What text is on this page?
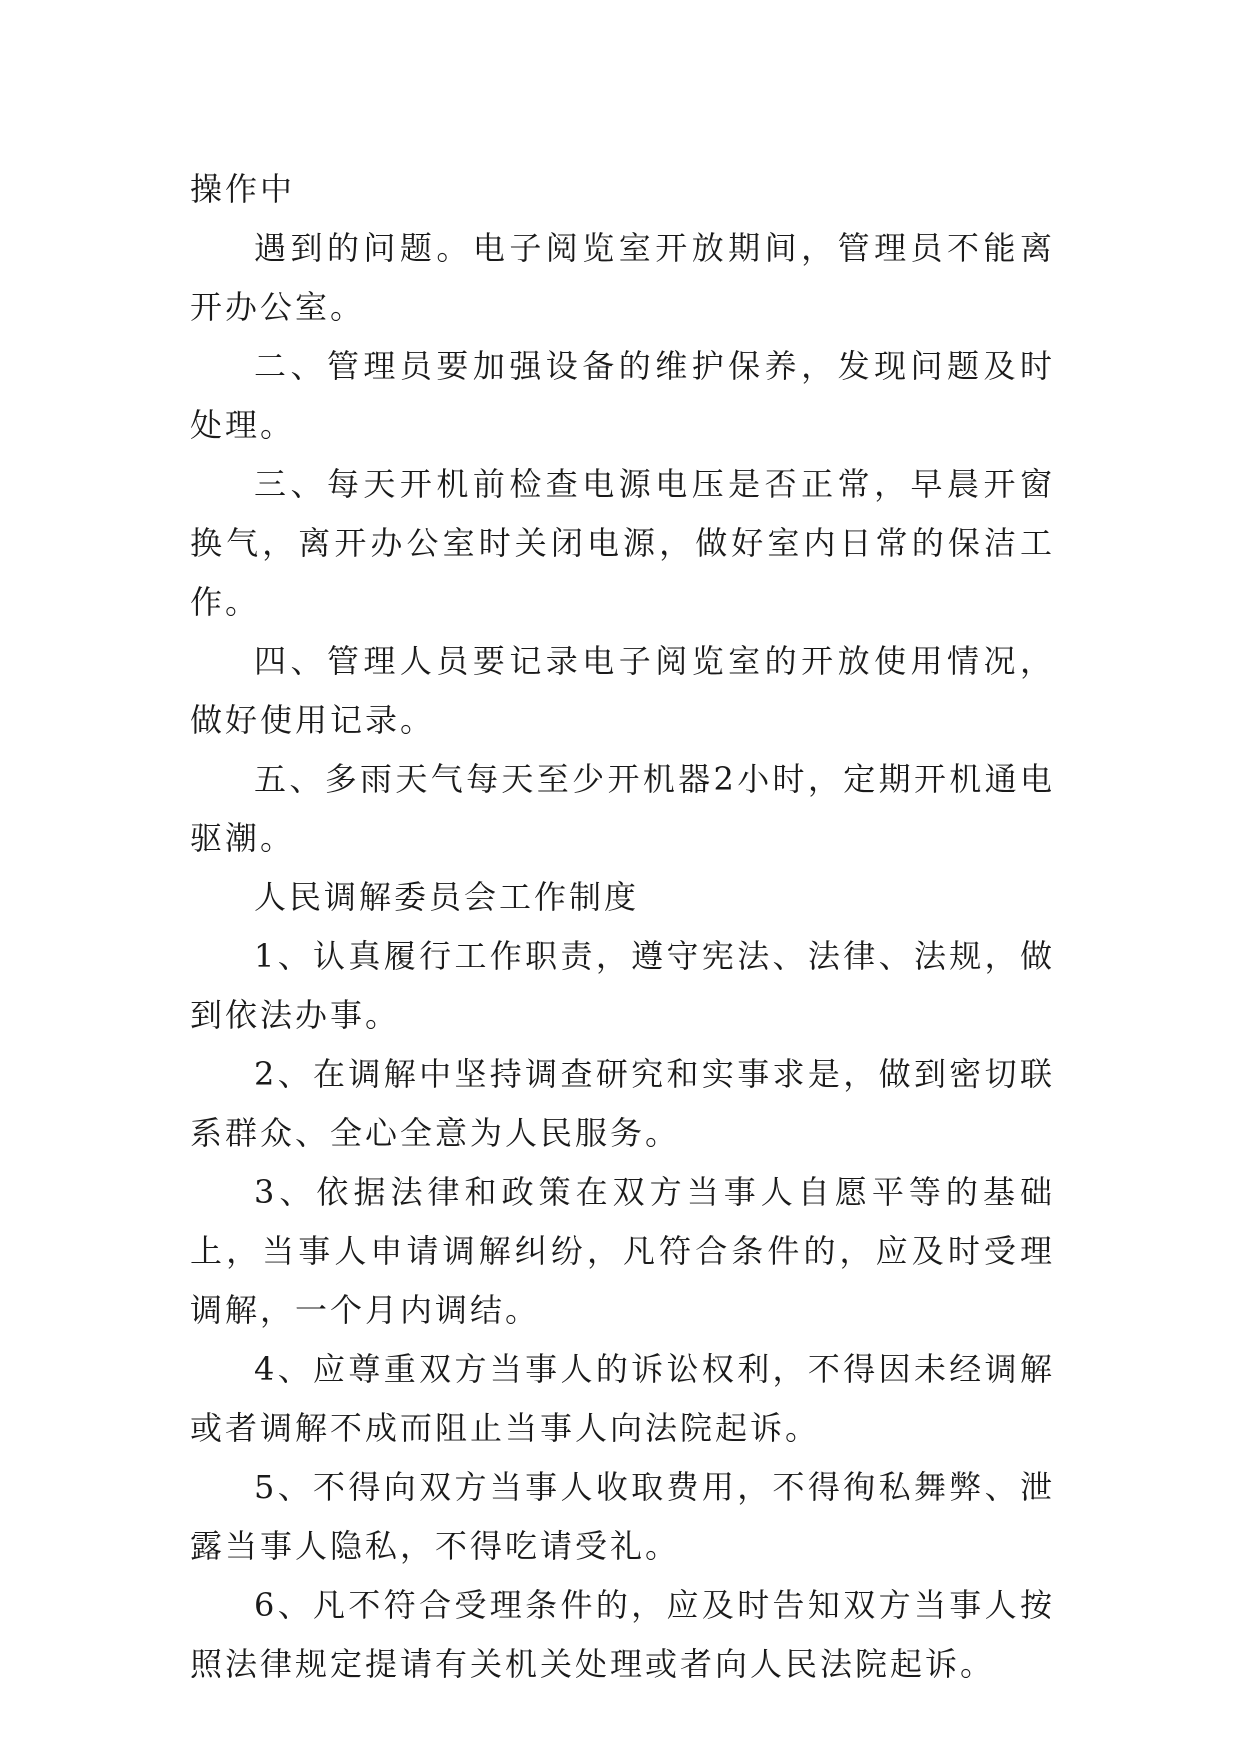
操作中

遇到的问题。电子阅览室开放期间，管理员不能离开办公室。

二、管理员要加强设备的维护保养，发现问题及时处理。

三、每天开机前检查电源电压是否正常，早晨开窗换气，离开办公室时关闭电源，做好室内日常的保洁工作。

四、管理人员要记录电子阅览室的开放使用情况，做好使用记录。

五、多雨天气每天至少开机器2小时，定期开机通电驱潮。

人民调解委员会工作制度

1、认真履行工作职责，遵守宪法、法律、法规，做到依法办事。

2、在调解中坚持调查研究和实事求是，做到密切联系群众、全心全意为人民服务。

3、依据法律和政策在双方当事人自愿平等的基础上，当事人申请调解纠纷，凡符合条件的，应及时受理调解，一个月内调结。

4、应尊重双方当事人的诉讼权利，不得因未经调解或者调解不成而阻止当事人向法院起诉。

5、不得向双方当事人收取费用，不得徇私舞弊、泄露当事人隐私，不得吃请受礼。

6、凡不符合受理条件的，应及时告知双方当事人按照法律规定提请有关机关处理或者向人民法院起诉。
